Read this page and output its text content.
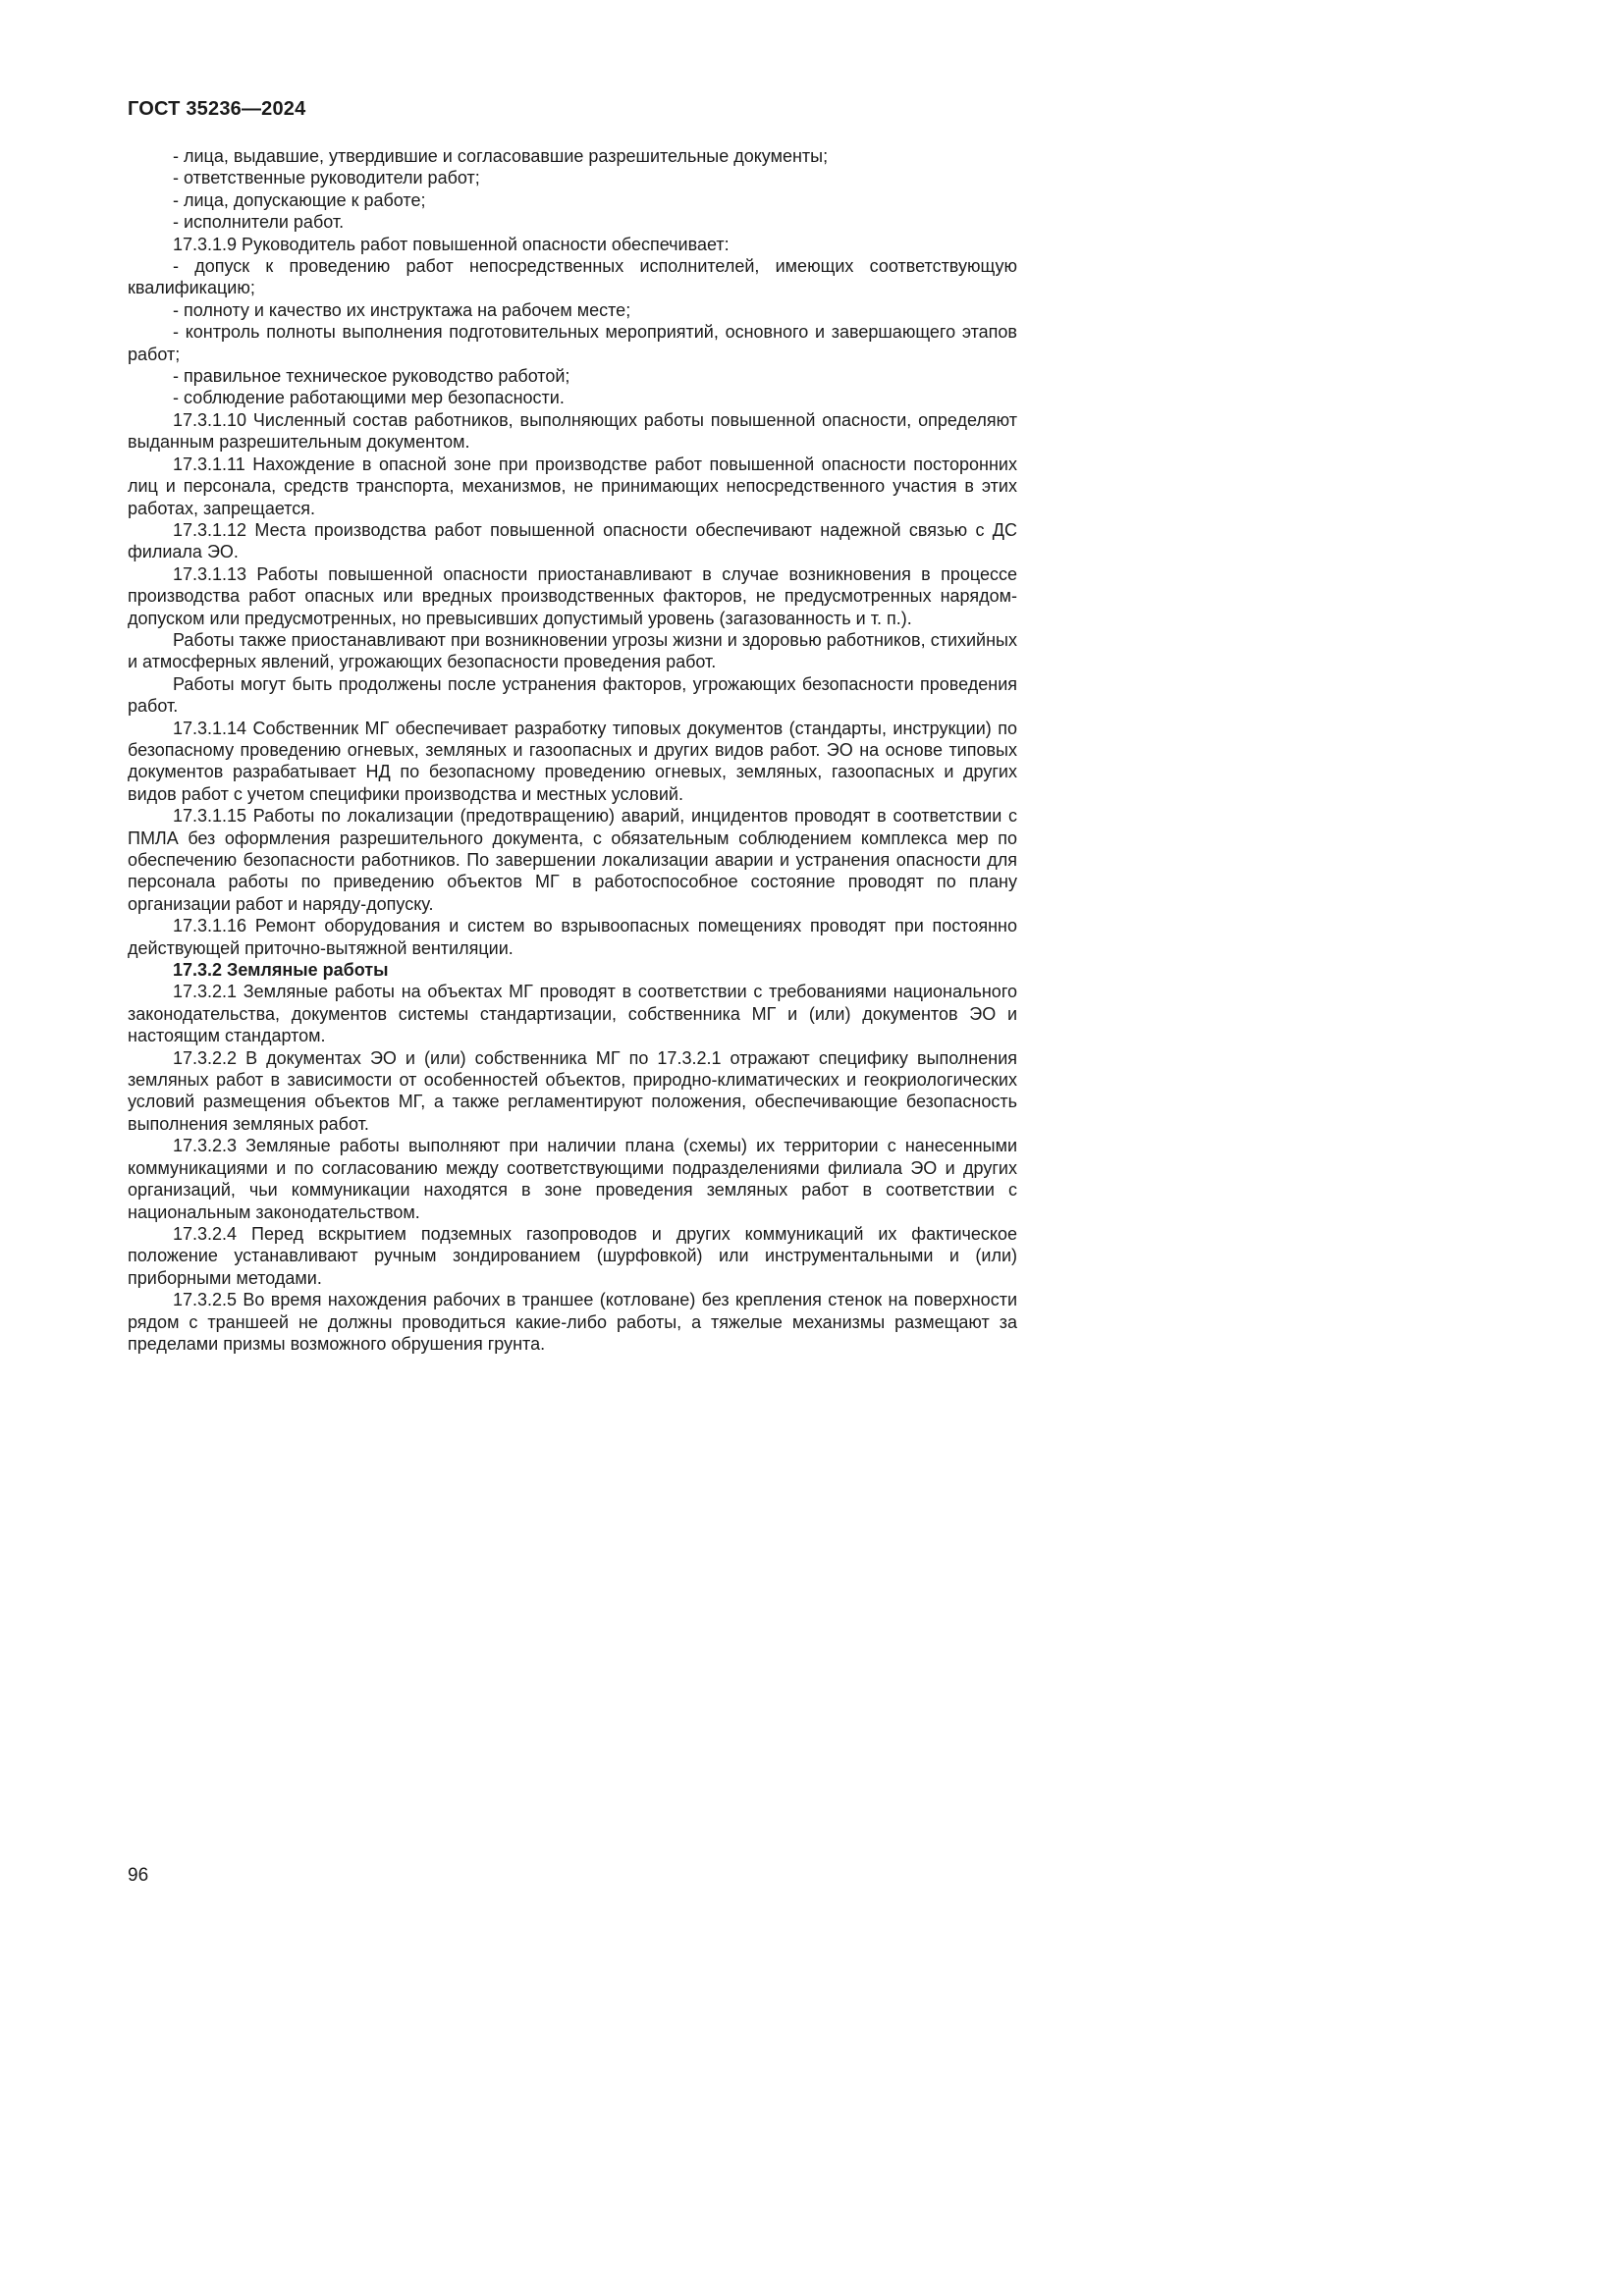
ГОСТ 35236—2024

- лица, выдавшие, утвердившие и согласовавшие разрешительные документы;

- ответственные руководители работ;

- лица, допускающие к работе;

- исполнители работ.

17.3.1.9 Руководитель работ повышенной опасности обеспечивает:

- допуск к проведению работ непосредственных исполнителей, имеющих соответствующую квалификацию;

- полноту и качество их инструктажа на рабочем месте;

- контроль полноты выполнения подготовительных мероприятий, основного и завершающего этапов работ;

- правильное техническое руководство работой;

- соблюдение работающими мер безопасности.

17.3.1.10 Численный состав работников, выполняющих работы повышенной опасности, определяют выданным разрешительным документом.

17.3.1.11 Нахождение в опасной зоне при производстве работ повышенной опасности посторонних лиц и персонала, средств транспорта, механизмов, не принимающих непосредственного участия в этих работах, запрещается.

17.3.1.12 Места производства работ повышенной опасности обеспечивают надежной связью с ДС филиала ЭО.

17.3.1.13 Работы повышенной опасности приостанавливают в случае возникновения в процессе производства работ опасных или вредных производственных факторов, не предусмотренных нарядом-допуском или предусмотренных, но превысивших допустимый уровень (загазованность и т. п.).

Работы также приостанавливают при возникновении угрозы жизни и здоровью работников, стихийных и атмосферных явлений, угрожающих безопасности проведения работ.

Работы могут быть продолжены после устранения факторов, угрожающих безопасности проведения работ.

17.3.1.14 Собственник МГ обеспечивает разработку типовых документов (стандарты, инструкции) по безопасному проведению огневых, земляных и газоопасных и других видов работ. ЭО на основе типовых документов разрабатывает НД по безопасному проведению огневых, земляных, газоопасных и других видов работ с учетом специфики производства и местных условий.

17.3.1.15 Работы по локализации (предотвращению) аварий, инцидентов проводят в соответствии с ПМЛА без оформления разрешительного документа, с обязательным соблюдением комплекса мер по обеспечению безопасности работников. По завершении локализации аварии и устранения опасности для персонала работы по приведению объектов МГ в работоспособное состояние проводят по плану организации работ и наряду-допуску.

17.3.1.16 Ремонт оборудования и систем во взрывоопасных помещениях проводят при постоянно действующей приточно-вытяжной вентиляции.

17.3.2 Земляные работы

17.3.2.1 Земляные работы на объектах МГ проводят в соответствии с требованиями национального законодательства, документов системы стандартизации, собственника МГ и (или) документов ЭО и настоящим стандартом.

17.3.2.2 В документах ЭО и (или) собственника МГ по 17.3.2.1 отражают специфику выполнения земляных работ в зависимости от особенностей объектов, природно-климатических и геокриологических условий размещения объектов МГ, а также регламентируют положения, обеспечивающие безопасность выполнения земляных работ.

17.3.2.3 Земляные работы выполняют при наличии плана (схемы) их территории с нанесенными коммуникациями и по согласованию между соответствующими подразделениями филиала ЭО и других организаций, чьи коммуникации находятся в зоне проведения земляных работ в соответствии с национальным законодательством.

17.3.2.4 Перед вскрытием подземных газопроводов и других коммуникаций их фактическое положение устанавливают ручным зондированием (шурфовкой) или инструментальными и (или) приборными методами.

17.3.2.5 Во время нахождения рабочих в траншее (котловане) без крепления стенок на поверхности рядом с траншеей не должны проводиться какие-либо работы, а тяжелые механизмы размещают за пределами призмы возможного обрушения грунта.

96
